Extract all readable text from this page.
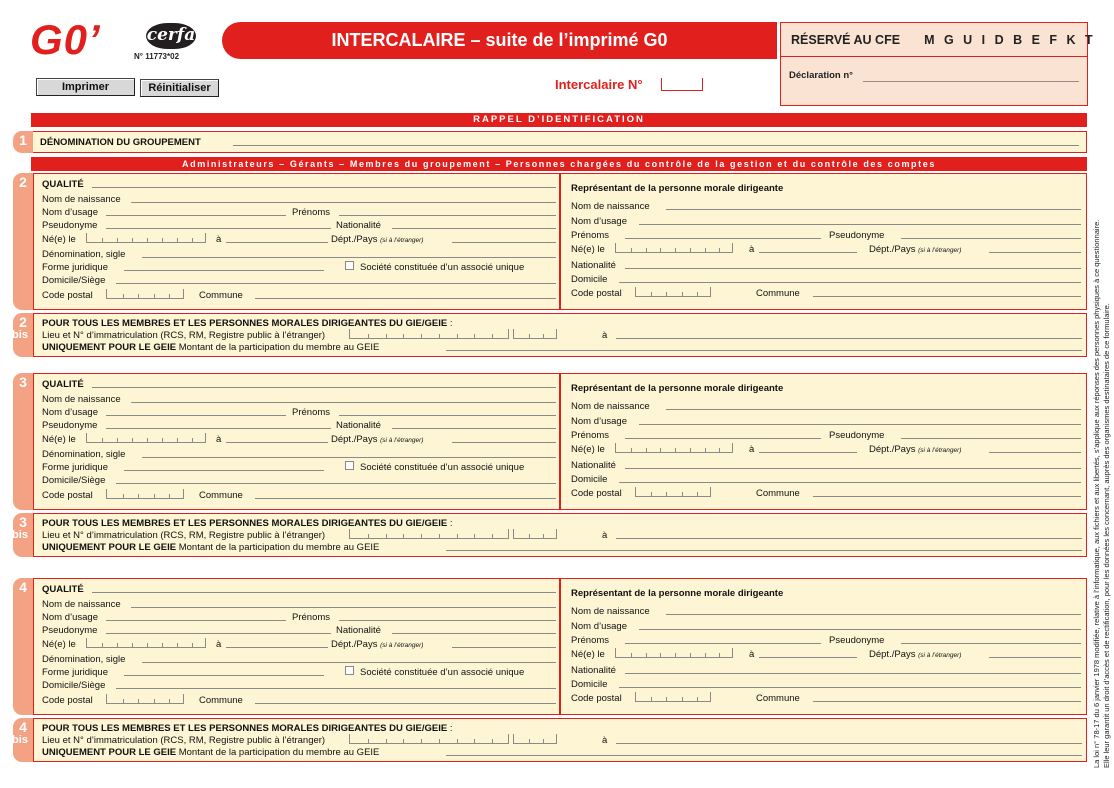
G0’	cerfa
N° 11773*02
INTERCALAIRE – suite de l’imprimé G0
Imprimer	Réinitialiser	Intercalaire N°
RÉSERVÉ AU CFE M G U I D B E F K T
Déclaration n°
RAPPEL D’IDENTIFICATION
1	DÉNOMINATION DU GROUPEMENT
Administrateurs – Gérants – Membres du groupement – Personnes chargées du contrôle de la gestion et du contrôle des comptes
2	QUALITÉ
Nom de naissance
Nom d’usage
Pseudonyme
Prénoms
Nationalité
Né(e) le	à	Dépt./Pays (si à l’étranger)
Dénomination, sigle
Forme juridique	Société constituée d’un associé unique
Domicile/Siège
Code postal	Commune
Représentant de la personne morale dirigeante
Nom de naissance
Nom d’usage
Prénoms	Pseudonyme
Né(e) le	à	Dépt./Pays (si à l’étranger)
Nationalité
Domicile
Code postal	Commune
2
bis
POUR TOUS LES MEMBRES ET LES PERSONNES MORALES DIRIGEANTES DU GIE/GEIE :
Lieu et N° d’immatriculation (RCS, RM, Registre public à l’étranger)	à
UNIQUEMENT POUR LE GEIE Montant de la participation du membre au GEIE
3	QUALITÉ
Nom de naissance
Nom d’usage
Pseudonyme
Prénoms
Nationalité
Né(e) le	à	Dépt./Pays (si à l’étranger)
Dénomination, sigle
Forme juridique	Société constituée d’un associé unique
Domicile/Siège
Code postal	Commune
Représentant de la personne morale dirigeante
Nom de naissance
Nom d’usage
Prénoms	Pseudonyme
Né(e) le	à	Dépt./Pays (si à l’étranger)
Nationalité
Domicile
Code postal	Commune
3
bis
POUR TOUS LES MEMBRES ET LES PERSONNES MORALES DIRIGEANTES DU GIE/GEIE :
Lieu et N° d’immatriculation (RCS, RM, Registre public à l’étranger)	à
UNIQUEMENT POUR LE GEIE Montant de la participation du membre au GEIE
4	QUALITÉ
Nom de naissance
Nom d’usage
Pseudonyme
Prénoms
Nationalité
Né(e) le	à	Dépt./Pays (si à l’étranger)
Dénomination, sigle
Forme juridique	Société constituée d’un associé unique
Domicile/Siège
Code postal	Commune
Représentant de la personne morale dirigeante
Nom de naissance
Nom d’usage
Prénoms	Pseudonyme
Né(e) le	à	Dépt./Pays (si à l’étranger)
Nationalité
Domicile
Code postal	Commune
4
bis
POUR TOUS LES MEMBRES ET LES PERSONNES MORALES DIRIGEANTES DU GIE/GEIE :
Lieu et N° d’immatriculation (RCS, RM, Registre public à l’étranger)	à
UNIQUEMENT POUR LE GEIE Montant de la participation du membre au GEIE	La loi n° 78-17 du 6 janvier 1978 modifiée, relative à l’informatique, aux fichiers et aux libertés, s’applique aux réponses des personnes physiques à ce questionnaire. Elle leur garantit un droit d’accès et de rectification, pour les données les concernant, auprès des organismes destinataires de ce formulaire.
